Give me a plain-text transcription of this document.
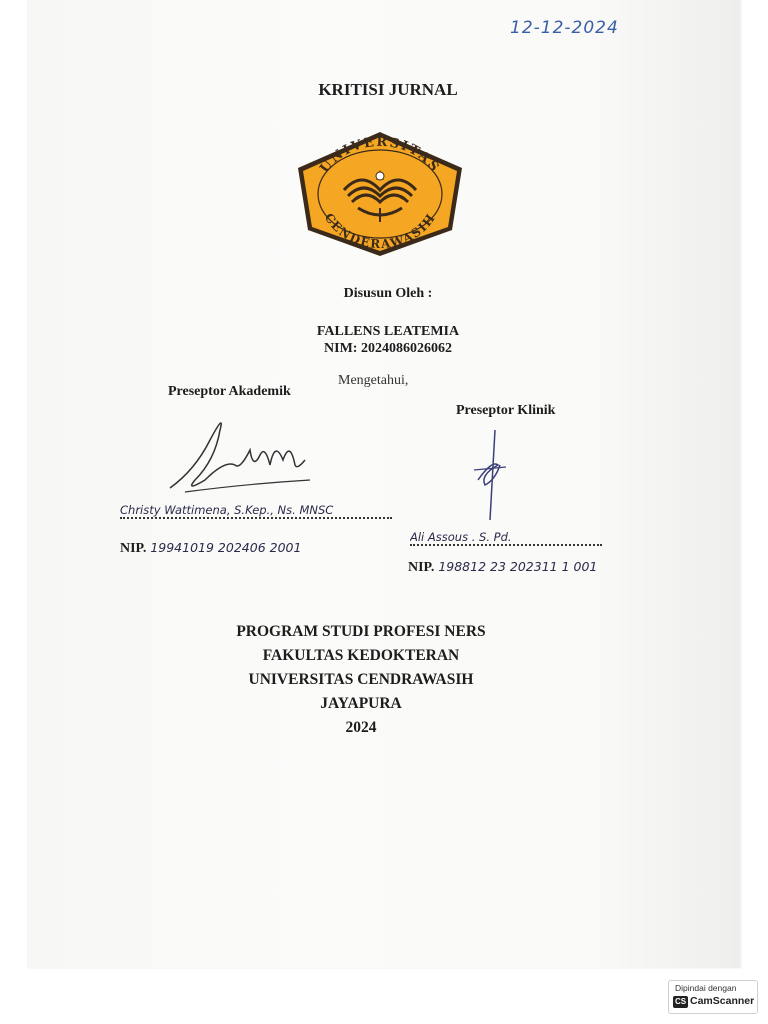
12-12-2024
KRITISI JURNAL
UNIVERSITAS
CENDERAWASIH
Disusun Oleh :
FALLENS LEATEMIA
NIM: 2024086026062
Mengetahui,
Preseptor Akademik
Christy Wattimena, S.Kep., Ns. MNSC
NIP. 19941019 202406 2001
Preseptor Klinik
Ali Assous . S. Pd.
NIP. 198812 23 202311 1 001
PROGRAM STUDI PROFESI NERS
FAKULTAS KEDOKTERAN
UNIVERSITAS CENDRAWASIH
JAYAPURA
2024
Dipindai dengan
CS CamScanner
